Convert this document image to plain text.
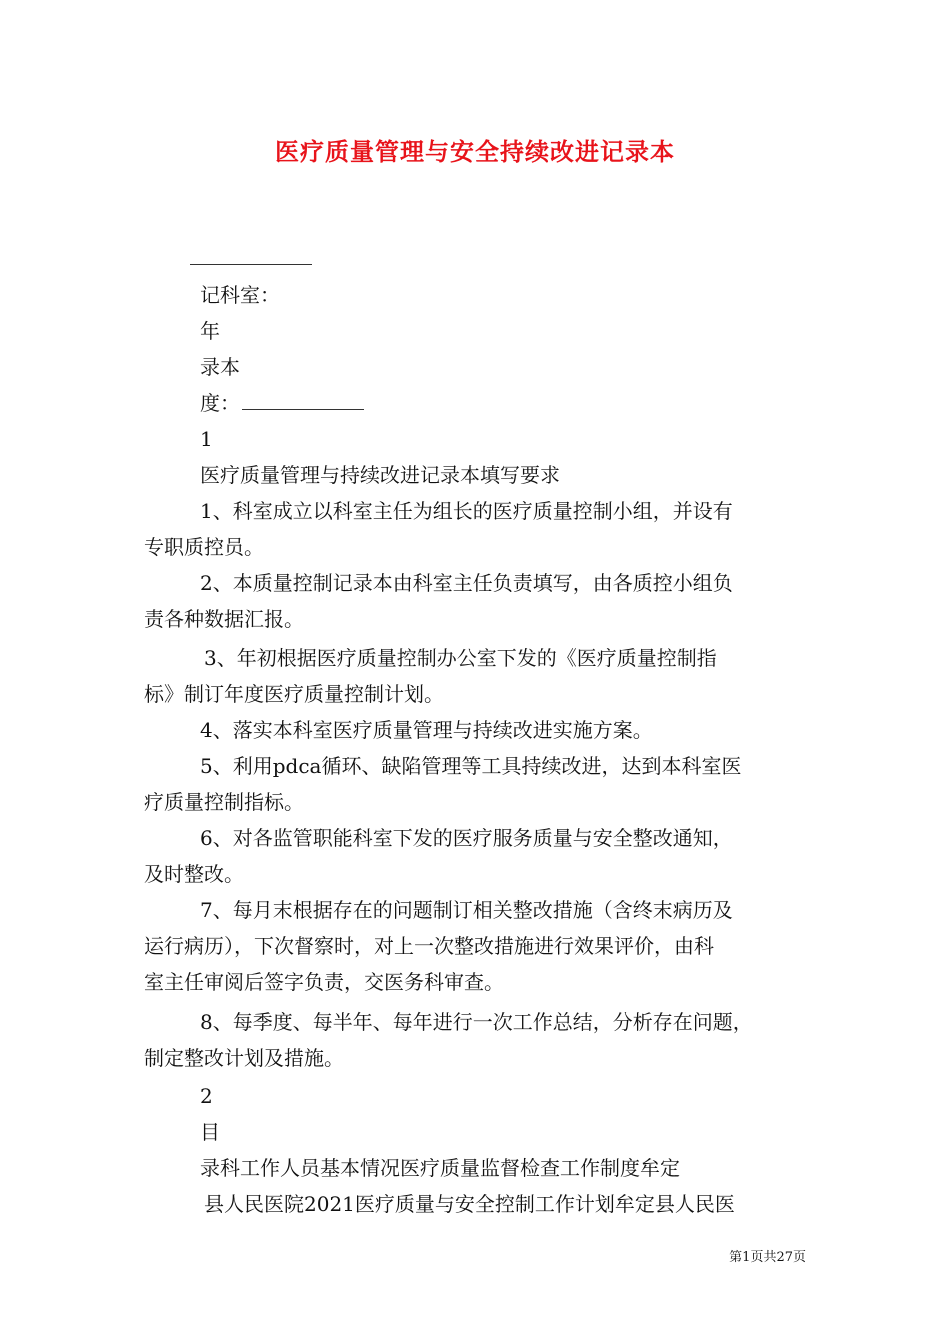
医疗质量管理与安全持续改进记录本
记科室：
年
录本
度：
1
医疗质量管理与持续改进记录本填写要求
1、科室成立以科室主任为组长的医疗质量控制小组，并设有
专职质控员。
2、本质量控制记录本由科室主任负责填写，由各质控小组负
责各种数据汇报。
3、年初根据医疗质量控制办公室下发的《医疗质量控制指
标》制订年度医疗质量控制计划。
4、落实本科室医疗质量管理与持续改进实施方案。
5、利用pdca循环、缺陷管理等工具持续改进，达到本科室医
疗质量控制指标。
6、对各监管职能科室下发的医疗服务质量与安全整改通知，
及时整改。
7、每月末根据存在的问题制订相关整改措施（含终末病历及
运行病历），下次督察时，对上一次整改措施进行效果评价，由科
室主任审阅后签字负责，交医务科审查。
8、每季度、每半年、每年进行一次工作总结，分析存在问题，
制定整改计划及措施。
2
目
录科工作人员基本情况医疗质量监督检查工作制度牟定
县人民医院2021医疗质量与安全控制工作计划牟定县人民医
第1页共27页
